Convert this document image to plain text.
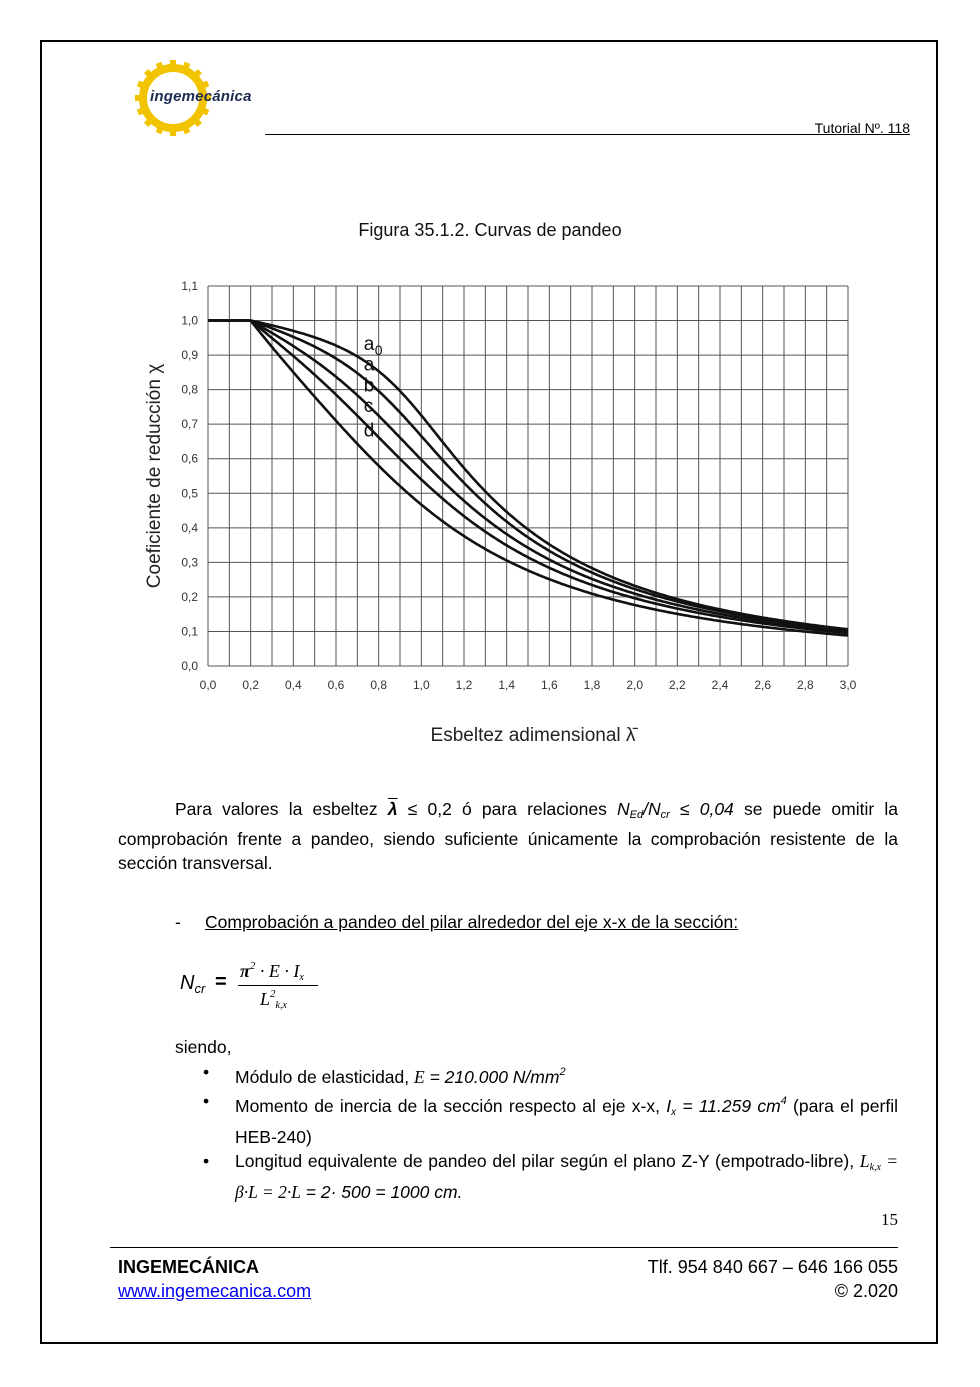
ingemecánica
Tutorial Nº. 118
Figura 35.1.2. Curvas de pandeo
0,0 0,2 0,4 0,6 0,8 1,0 1,2 1,4 1,6 1,8 2,0 2,2 2,4 2,6 2,8 3,0
0,0
0,1
0,2
0,3
0,4
0,5
0,6
0,7
0,8
0,9
1,0
1,1
Esbeltez adimensional λ̄
Coeficiente de reducción χ
a 0
a
b
c
d
Para valores la esbeltez $\overline{\lambda} \le 0,2$ ó para relaciones $N_{Ed}/N_{cr} \le 0,04$ se puede omitir la comprobación frente a pandeo, siendo suficiente únicamente la comprobación resistente de la sección transversal.
- Comprobación a pandeo del pilar alrededor del eje x-x de la sección:
$N_{cr} = \pi^2 \cdot E \cdot Ix$
$L^2k,x$
siendo,
• Módulo de elasticidad, E = 210.000 $N/mm^2$
• Momento de inercia de la sección respecto al eje x-x, Ix = 11.259 $cm^4$ (para el perfil HEB-240)
• Longitud equivalente de pandeo del pilar según el plano Z-Y (empotrado-libre), Lk,x = β·L = 2·L = 2· 500 = 1000 cm.
15
INGEMECÁNICA
www.ingemecanica.com
Tlf. 954 840 667 – 646 166 055
© 2.020
